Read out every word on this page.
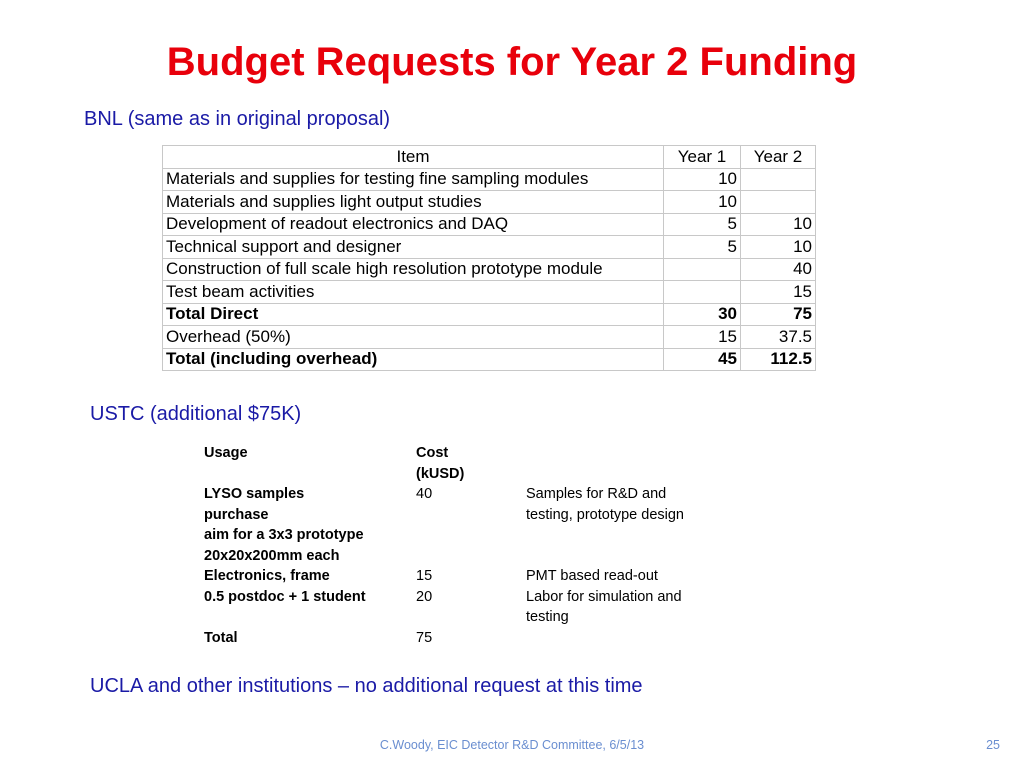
Budget Requests for Year 2 Funding
BNL (same as in original proposal)
Item	Year 1	Year 2
Materials and supplies for testing fine sampling modules	10	
Materials and supplies light output studies	10	
Development of readout electronics and DAQ	5	10
Technical support and designer	5	10
Construction of full scale high resolution prototype module		40
Test beam activities		15
Total Direct	30	75
Overhead (50%)	15	37.5
Total (including overhead)	45	112.5
USTC (additional $75K)
Usage	Cost
(kUSD)	
LYSO samples
purchase
aim for a 3x3 prototype
20x20x200mm each	40	Samples for R&D and
testing, prototype design
Electronics, frame	15	PMT based read-out
0.5 postdoc + 1 student	20	Labor for simulation and
testing
Total	75	
UCLA and other institutions – no additional request at this time
C.Woody, EIC Detector R&D Committee, 6/5/13	25
